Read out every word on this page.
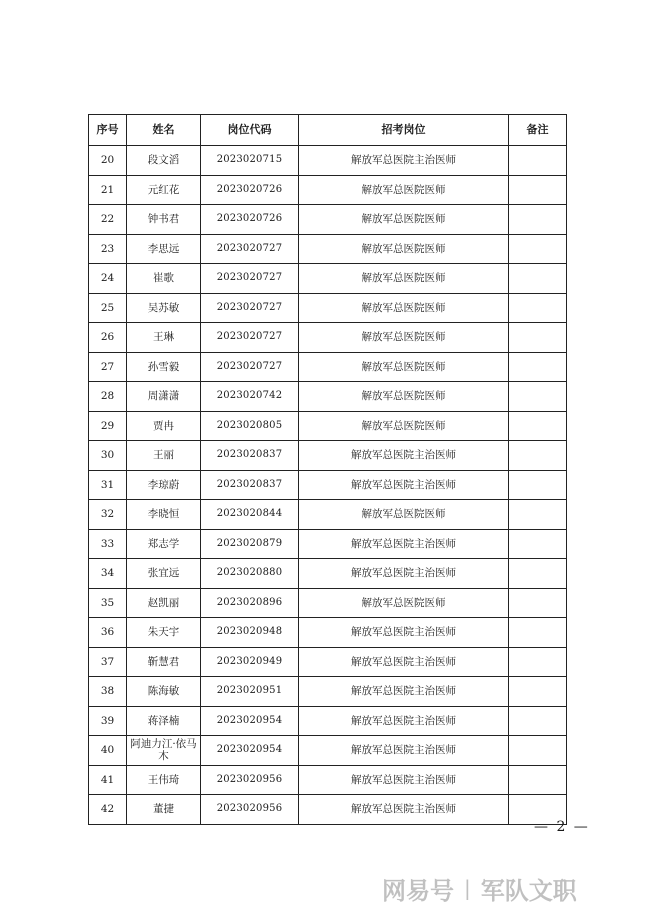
序号	姓名	岗位代码	招考岗位	备注
20	段文滔	2023020715	解放军总医院主治医师	
21	元红花	2023020726	解放军总医院医师	
22	钟书君	2023020726	解放军总医院医师	
23	李思远	2023020727	解放军总医院医师	
24	崔歌	2023020727	解放军总医院医师	
25	吴苏敏	2023020727	解放军总医院医师	
26	王琳	2023020727	解放军总医院医师	
27	孙雪毅	2023020727	解放军总医院医师	
28	周潇潇	2023020742	解放军总医院医师	
29	贾冉	2023020805	解放军总医院医师	
30	王丽	2023020837	解放军总医院主治医师	
31	李琼蔚	2023020837	解放军总医院主治医师	
32	李晓恒	2023020844	解放军总医院医师	
33	郑志学	2023020879	解放军总医院主治医师	
34	张宜远	2023020880	解放军总医院主治医师	
35	赵凯丽	2023020896	解放军总医院医师	
36	朱天宇	2023020948	解放军总医院主治医师	
37	靳慧君	2023020949	解放军总医院主治医师	
38	陈海敏	2023020951	解放军总医院主治医师	
39	蒋泽楠	2023020954	解放军总医院主治医师	
40	阿迪力江·依马木	2023020954	解放军总医院主治医师	
41	王伟琦	2023020956	解放军总医院主治医师	
42	董捷	2023020956	解放军总医院主治医师	
— 2 —
网易号 | 军队文职
